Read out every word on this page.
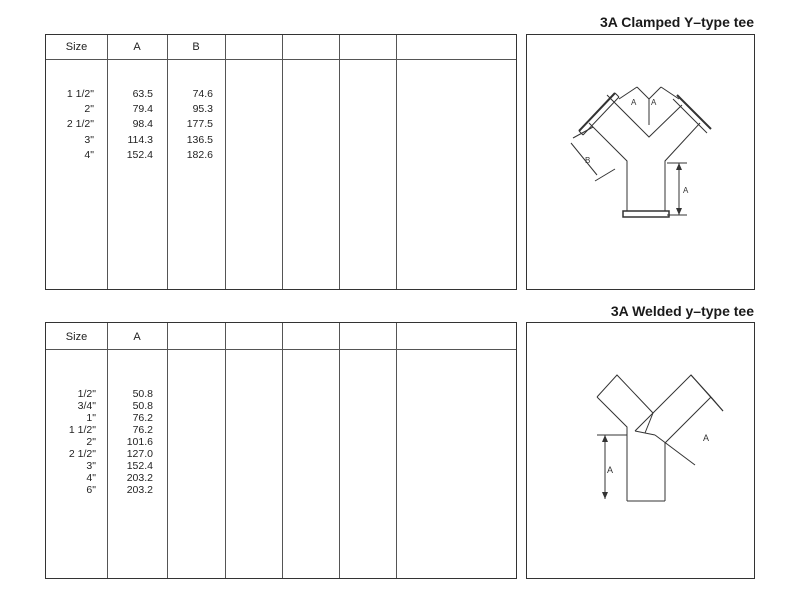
3A Clamped Y–type tee
Size	A	B
1 1/2"	63.5	74.6
2"	79.4	95.3
2 1/2"	98.4	177.5
3"	114.3	136.5
4"	152.4	182.6
A A
B
A
3A Welded y–type tee
Size	A
1/2"	50.8
3/4"	50.8
1"	76.2
1 1/2"	76.2
2"	101.6
2 1/2"	127.0
3"	152.4
4"	203.2
6"	203.2
A
A
